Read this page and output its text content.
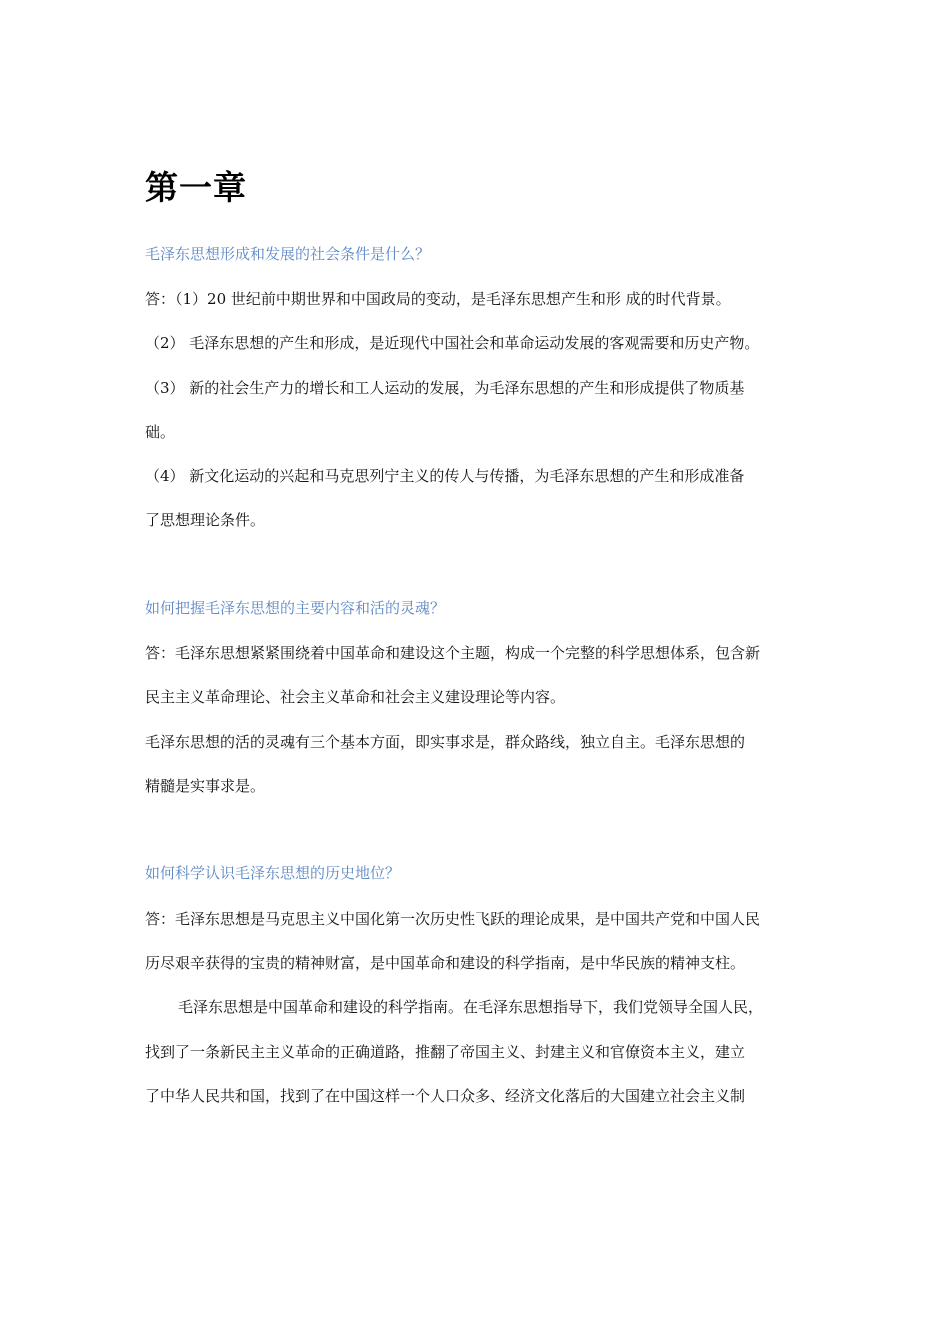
第一章

毛泽东思想形成和发展的社会条件是什么？

答：（1）20 世纪前中期世界和中国政局的变动，是毛泽东思想产生和形 成的时代背景。

（2） 毛泽东思想的产生和形成，是近现代中国社会和革命运动发展的客观需要和历史产物。

（3） 新的社会生产力的增长和工人运动的发展，为毛泽东思想的产生和形成提供了物质基

础。

（4） 新文化运动的兴起和马克思列宁主义的传人与传播，为毛泽东思想的产生和形成准备

了思想理论条件。

如何把握毛泽东思想的主要内容和活的灵魂？

答：毛泽东思想紧紧围绕着中国革命和建设这个主题，构成一个完整的科学思想体系，包含新

民主主义革命理论、社会主义革命和社会主义建设理论等内容。

毛泽东思想的活的灵魂有三个基本方面，即实事求是，群众路线，独立自主。毛泽东思想的

精髓是实事求是。

如何科学认识毛泽东思想的历史地位？

答：毛泽东思想是马克思主义中国化第一次历史性飞跃的理论成果，是中国共产党和中国人民

历尽艰辛获得的宝贵的精神财富，是中国革命和建设的科学指南，是中华民族的精神支柱。

毛泽东思想是中国革命和建设的科学指南。在毛泽东思想指导下，我们党领导全国人民，

找到了一条新民主主义革命的正确道路，推翻了帝国主义、封建主义和官僚资本主义，建立

了中华人民共和国，找到了在中国这样一个人口众多、经济文化落后的大国建立社会主义制
